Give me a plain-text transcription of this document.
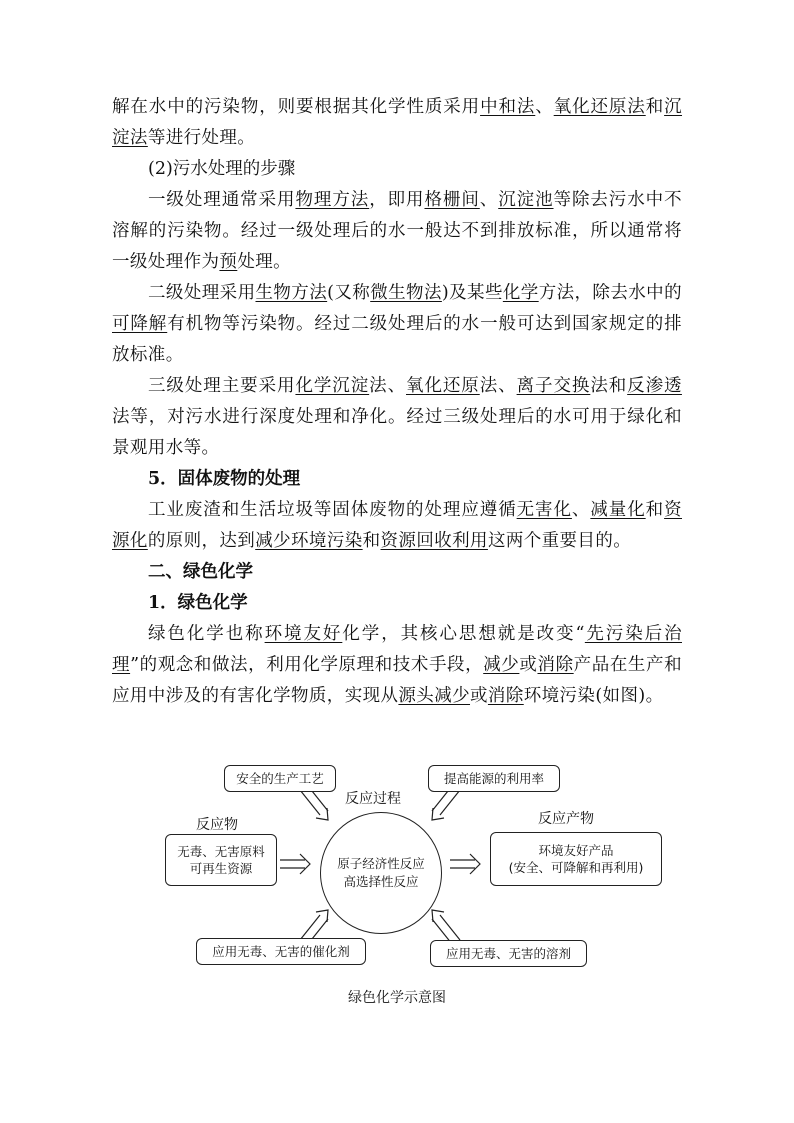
解在水中的污染物，则要根据其化学性质采用中和法、氧化还原法和沉淀法等进行处理。

(2)污水处理的步骤

一级处理通常采用物理方法，即用格栅间、沉淀池等除去污水中不溶解的污染物。经过一级处理后的水一般达不到排放标准，所以通常将一级处理作为预处理。

二级处理采用生物方法(又称微生物法)及某些化学方法，除去水中的可降解有机物等污染物。经过二级处理后的水一般可达到国家规定的排放标准。

三级处理主要采用化学沉淀法、氧化还原法、离子交换法和反渗透法等，对污水进行深度处理和净化。经过三级处理后的水可用于绿化和景观用水等。

5．固体废物的处理

工业废渣和生活垃圾等固体废物的处理应遵循无害化、减量化和资源化的原则，达到减少环境污染和资源回收利用这两个重要目的。

二、绿色化学

1．绿色化学

绿色化学也称环境友好化学，其核心思想就是改变“先污染后治理”的观念和做法，利用化学原理和技术手段，减少或消除产品在生产和应用中涉及的有害化学物质，实现从源头减少或消除环境污染(如图)。

安全的生产工艺	提高能源的利用率
反应过程
反应物	反应产物
无毒、无害原料
可再生资源	原子经济性反应
高选择性反应
环境友好产品
(安全、可降解和再利用)
应用无毒、无害的催化剂	应用无毒、无害的溶剂
绿色化学示意图
